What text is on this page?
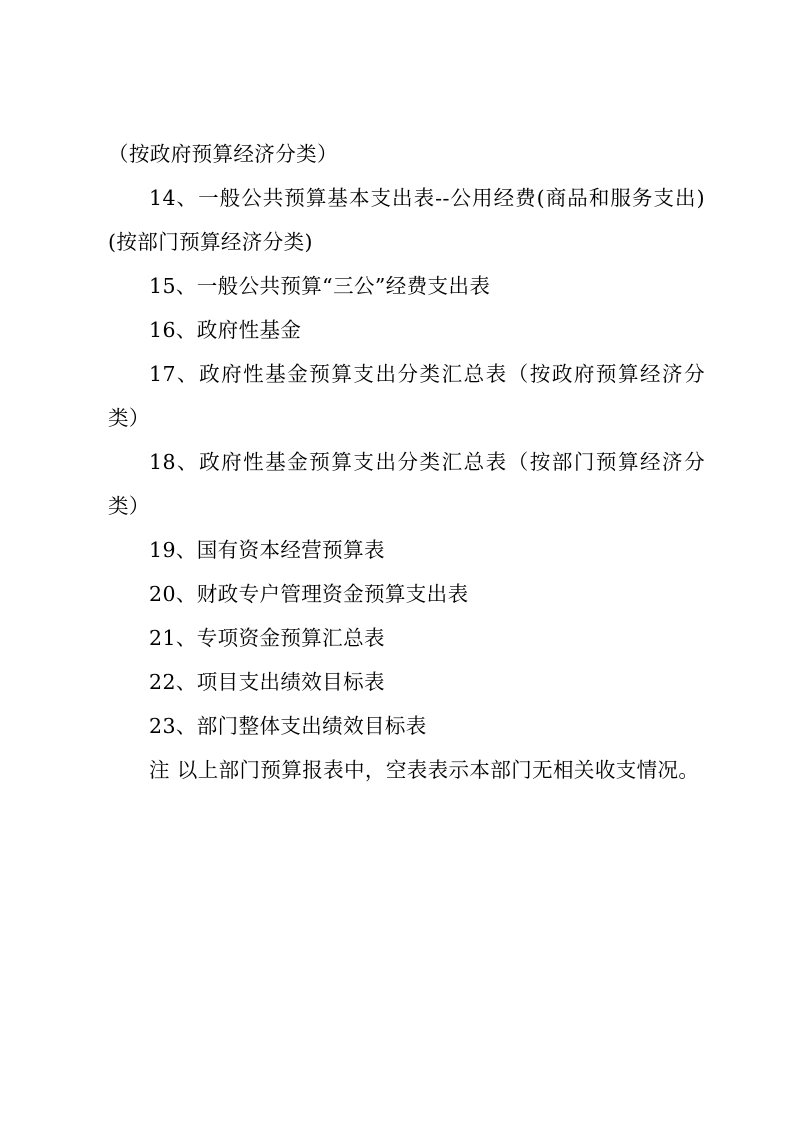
（按政府预算经济分类）

14、一般公共预算基本支出表--公用经费(商品和服务支出)(按部门预算经济分类)

15、一般公共预算“三公”经费支出表

16、政府性基金

17、政府性基金预算支出分类汇总表（按政府预算经济分类）

18、政府性基金预算支出分类汇总表（按部门预算经济分类）

19、国有资本经营预算表

20、财政专户管理资金预算支出表

21、专项资金预算汇总表

22、项目支出绩效目标表

23、部门整体支出绩效目标表

注 以上部门预算报表中，空表表示本部门无相关收支情况。
